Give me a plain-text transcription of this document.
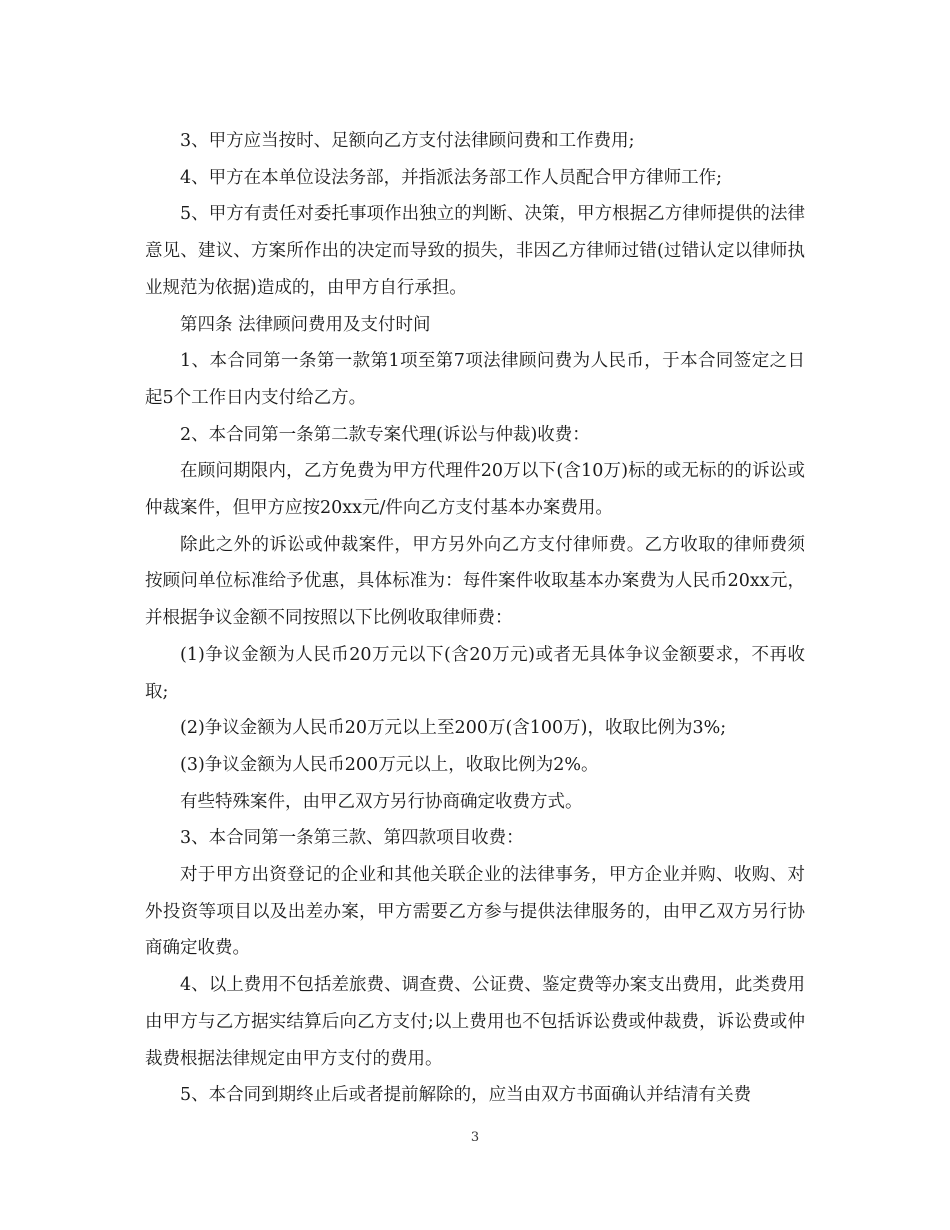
3、甲方应当按时、足额向乙方支付法律顾问费和工作费用;

4、甲方在本单位设法务部，并指派法务部工作人员配合甲方律师工作;

5、甲方有责任对委托事项作出独立的判断、决策，甲方根据乙方律师提供的法律意见、建议、方案所作出的决定而导致的损失，非因乙方律师过错(过错认定以律师执业规范为依据)造成的，由甲方自行承担。

第四条 法律顾问费用及支付时间

1、本合同第一条第一款第1项至第7项法律顾问费为人民币，于本合同签定之日起5个工作日内支付给乙方。

2、本合同第一条第二款专案代理(诉讼与仲裁)收费：

在顾问期限内，乙方免费为甲方代理件20万以下(含10万)标的或无标的的诉讼或仲裁案件，但甲方应按20xx元/件向乙方支付基本办案费用。

除此之外的诉讼或仲裁案件，甲方另外向乙方支付律师费。乙方收取的律师费须按顾问单位标准给予优惠，具体标准为：每件案件收取基本办案费为人民币20xx元，并根据争议金额不同按照以下比例收取律师费：

(1)争议金额为人民币20万元以下(含20万元)或者无具体争议金额要求，不再收取;

(2)争议金额为人民币20万元以上至200万(含100万)，收取比例为3%;

(3)争议金额为人民币200万元以上，收取比例为2%。

有些特殊案件，由甲乙双方另行协商确定收费方式。

3、本合同第一条第三款、第四款项目收费：

对于甲方出资登记的企业和其他关联企业的法律事务，甲方企业并购、收购、对外投资等项目以及出差办案，甲方需要乙方参与提供法律服务的，由甲乙双方另行协商确定收费。

4、以上费用不包括差旅费、调查费、公证费、鉴定费等办案支出费用，此类费用由甲方与乙方据实结算后向乙方支付;以上费用也不包括诉讼费或仲裁费，诉讼费或仲裁费根据法律规定由甲方支付的费用。

5、本合同到期终止后或者提前解除的，应当由双方书面确认并结清有关费

3
